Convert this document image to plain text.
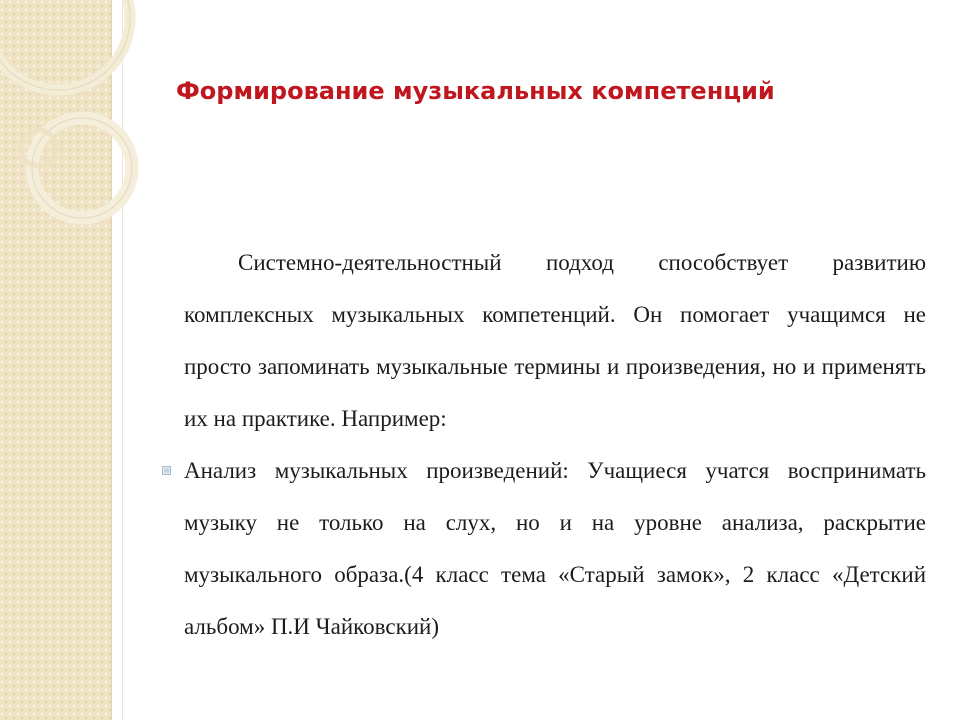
Формирование музыкальных компетенций

Системно-деятельностный подход способствует развитию комплексных музыкальных компетенций. Он помогает учащимся не просто запоминать музыкальные термины и произведения, но и применять их на практике. Например:

Анализ музыкальных произведений: Учащиеся учатся воспринимать музыку не только на слух, но и на уровне анализа, раскрытие музыкального образа.(4 класс тема «Старый замок», 2 класс «Детский альбом» П.И Чайковский)
